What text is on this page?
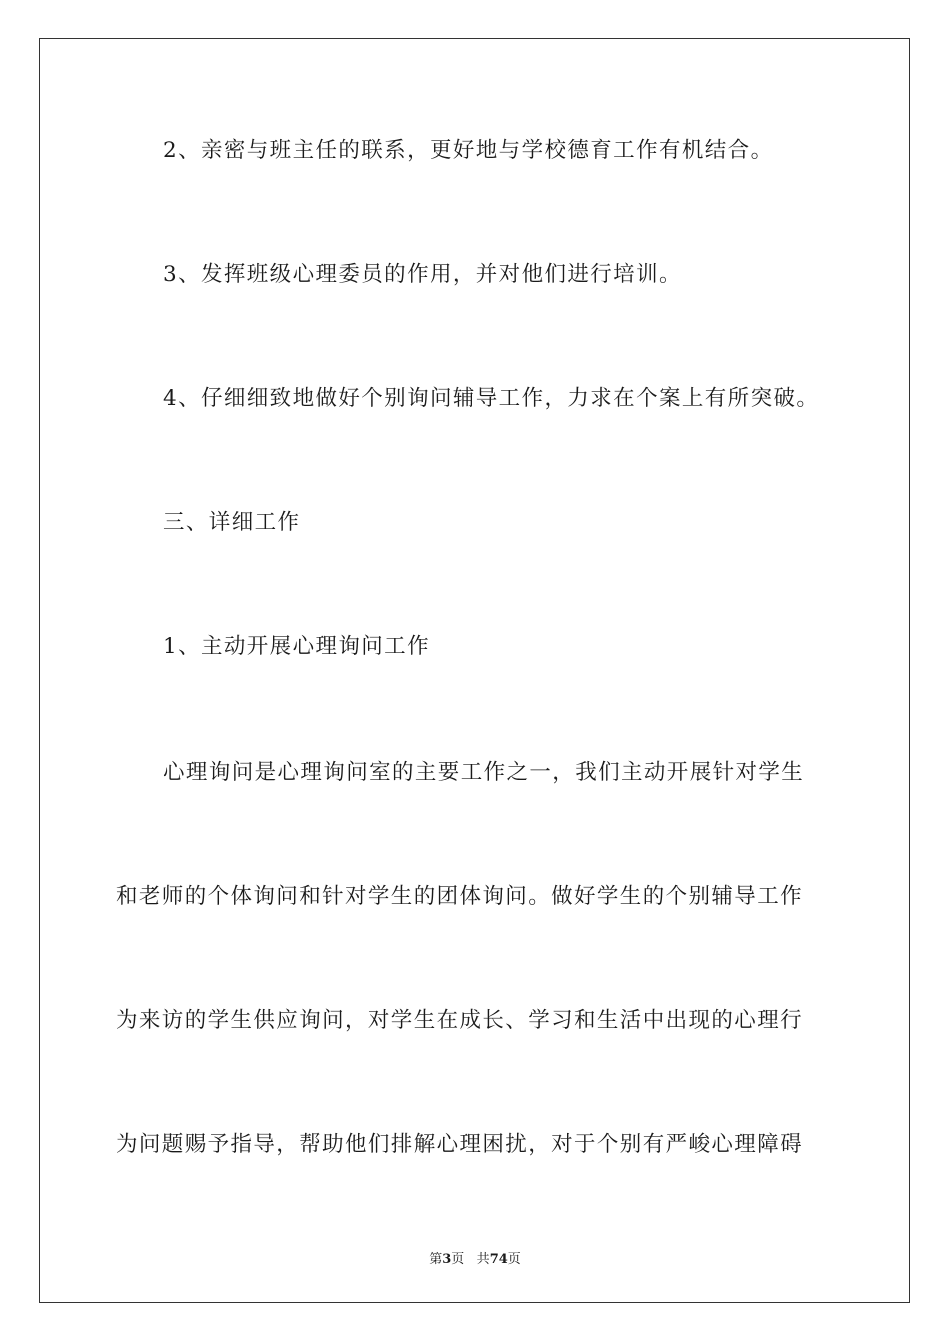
2、亲密与班主任的联系，更好地与学校德育工作有机结合。
3、发挥班级心理委员的作用，并对他们进行培训。
4、仔细细致地做好个别询问辅导工作，力求在个案上有所突破。
三、详细工作
1、主动开展心理询问工作
心理询问是心理询问室的主要工作之一，我们主动开展针对学生
和老师的个体询问和针对学生的团体询问。做好学生的个别辅导工作
为来访的学生供应询问，对学生在成长、学习和生活中出现的心理行
为问题赐予指导，帮助他们排解心理困扰，对于个别有严峻心理障碍
第3页 共74页
